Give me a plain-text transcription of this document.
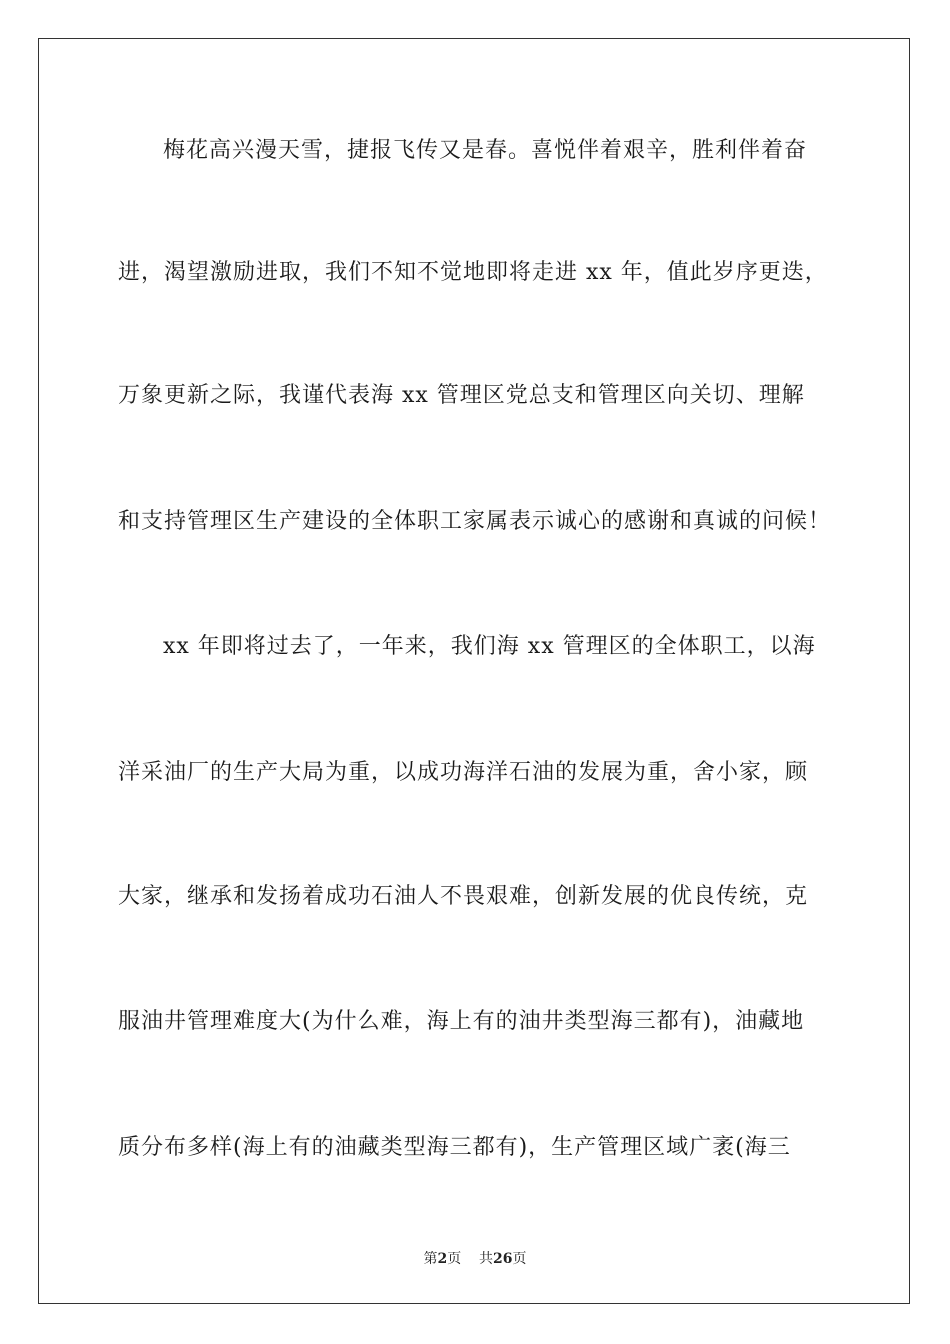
梅花高兴漫天雪，捷报飞传又是春。喜悦伴着艰辛，胜利伴着奋
进，渴望激励进取，我们不知不觉地即将走进 xx 年，值此岁序更迭，
万象更新之际，我谨代表海 xx 管理区党总支和管理区向关切、理解
和支持管理区生产建设的全体职工家属表示诚心的感谢和真诚的问候！
xx 年即将过去了，一年来，我们海 xx 管理区的全体职工，以海
洋采油厂的生产大局为重，以成功海洋石油的发展为重，舍小家，顾
大家，继承和发扬着成功石油人不畏艰难，创新发展的优良传统，克
服油井管理难度大(为什么难，海上有的油井类型海三都有)，油藏地
质分布多样(海上有的油藏类型海三都有)，生产管理区域广袤(海三
第2页 共26页
